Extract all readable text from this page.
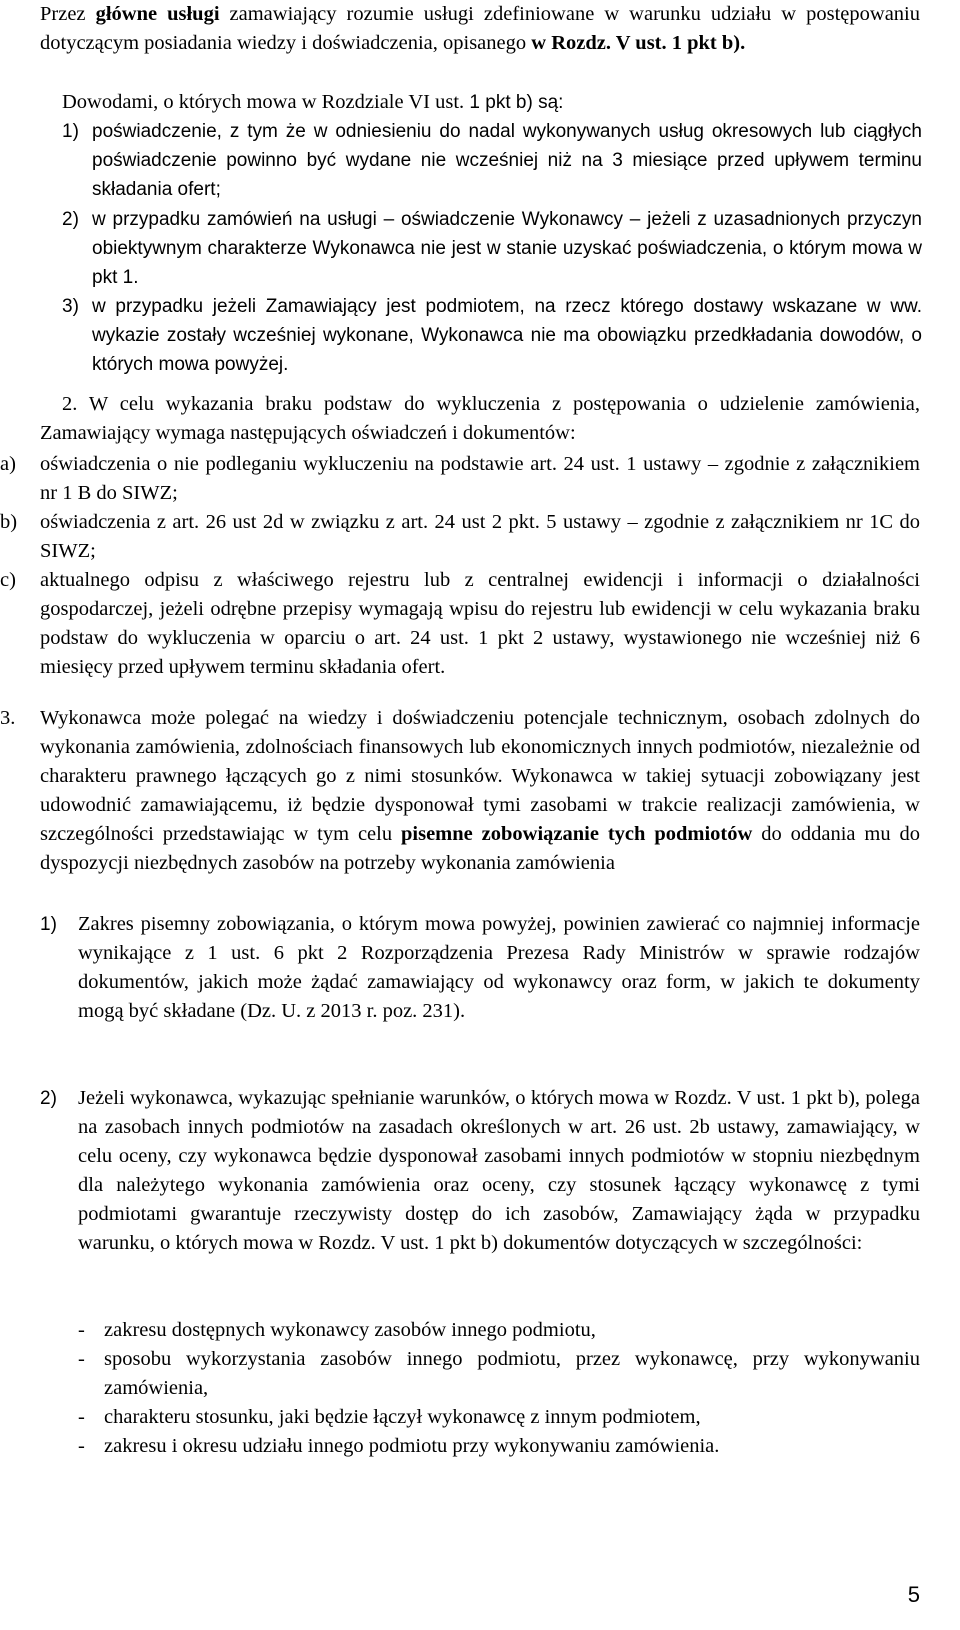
Przez główne usługi zamawiający rozumie usługi zdefiniowane w warunku udziału w postępowaniu dotyczącym posiadania wiedzy i doświadczenia, opisanego w Rozdz. V ust. 1 pkt b).

Dowodami, o których mowa w Rozdziale VI ust. 1 pkt b) są:

1) poświadczenie, z tym że w odniesieniu do nadal wykonywanych usług okresowych lub ciągłych poświadczenie powinno być wydane nie wcześniej niż na 3 miesiące przed upływem terminu składania ofert;

2) w przypadku zamówień na usługi – oświadczenie Wykonawcy – jeżeli z uzasadnionych przyczyn obiektywnym charakterze Wykonawca nie jest w stanie uzyskać poświadczenia, o którym mowa w pkt 1.

3) w przypadku jeżeli Zamawiający jest podmiotem, na rzecz którego dostawy wskazane w ww. wykazie zostały wcześniej wykonane, Wykonawca nie ma obowiązku przedkładania dowodów, o których mowa powyżej.

2. W celu wykazania braku podstaw do wykluczenia z postępowania o udzielenie zamówienia, Zamawiający wymaga następujących oświadczeń i dokumentów:

a) oświadczenia o nie podleganiu wykluczeniu na podstawie art. 24 ust. 1 ustawy – zgodnie z załącznikiem nr 1 B do SIWZ;

b) oświadczenia z art. 26 ust 2d w związku z art. 24 ust 2 pkt. 5 ustawy – zgodnie z załącznikiem nr 1C do SIWZ;

c) aktualnego odpisu z właściwego rejestru lub z centralnej ewidencji i informacji o działalności gospodarczej, jeżeli odrębne przepisy wymagają wpisu do rejestru lub ewidencji w celu wykazania braku podstaw do wykluczenia w oparciu o art. 24 ust. 1 pkt 2 ustawy, wystawionego nie wcześniej niż 6 miesięcy przed upływem terminu składania ofert.

3. Wykonawca może polegać na wiedzy i doświadczeniu potencjale technicznym, osobach zdolnych do wykonania zamówienia, zdolnościach finansowych lub ekonomicznych innych podmiotów, niezależnie od charakteru prawnego łączących go z nimi stosunków. Wykonawca w takiej sytuacji zobowiązany jest udowodnić zamawiającemu, iż będzie dysponował tymi zasobami w trakcie realizacji zamówienia, w szczególności przedstawiając w tym celu pisemne zobowiązanie tych podmiotów do oddania mu do dyspozycji niezbędnych zasobów na potrzeby wykonania zamówienia

1) Zakres pisemny zobowiązania, o którym mowa powyżej, powinien zawierać co najmniej informacje wynikające z 1 ust. 6 pkt 2 Rozporządzenia Prezesa Rady Ministrów w sprawie rodzajów dokumentów, jakich może żądać zamawiający od wykonawcy oraz form, w jakich te dokumenty mogą być składane (Dz. U. z 2013 r. poz. 231).

2) Jeżeli wykonawca, wykazując spełnianie warunków, o których mowa w Rozdz. V ust. 1 pkt b), polega na zasobach innych podmiotów na zasadach określonych w art. 26 ust. 2b ustawy, zamawiający, w celu oceny, czy wykonawca będzie dysponował zasobami innych podmiotów w stopniu niezbędnym dla należytego wykonania zamówienia oraz oceny, czy stosunek łączący wykonawcę z tymi podmiotami gwarantuje rzeczywisty dostęp do ich zasobów, Zamawiający żąda w przypadku warunku, o których mowa w Rozdz. V ust. 1 pkt b) dokumentów dotyczących w szczególności:

- zakresu dostępnych wykonawcy zasobów innego podmiotu,
- sposobu wykorzystania zasobów innego podmiotu, przez wykonawcę, przy wykonywaniu zamówienia,
- charakteru stosunku, jaki będzie łączył wykonawcę z innym podmiotem,
- zakresu i okresu udziału innego podmiotu przy wykonywaniu zamówienia.
5
